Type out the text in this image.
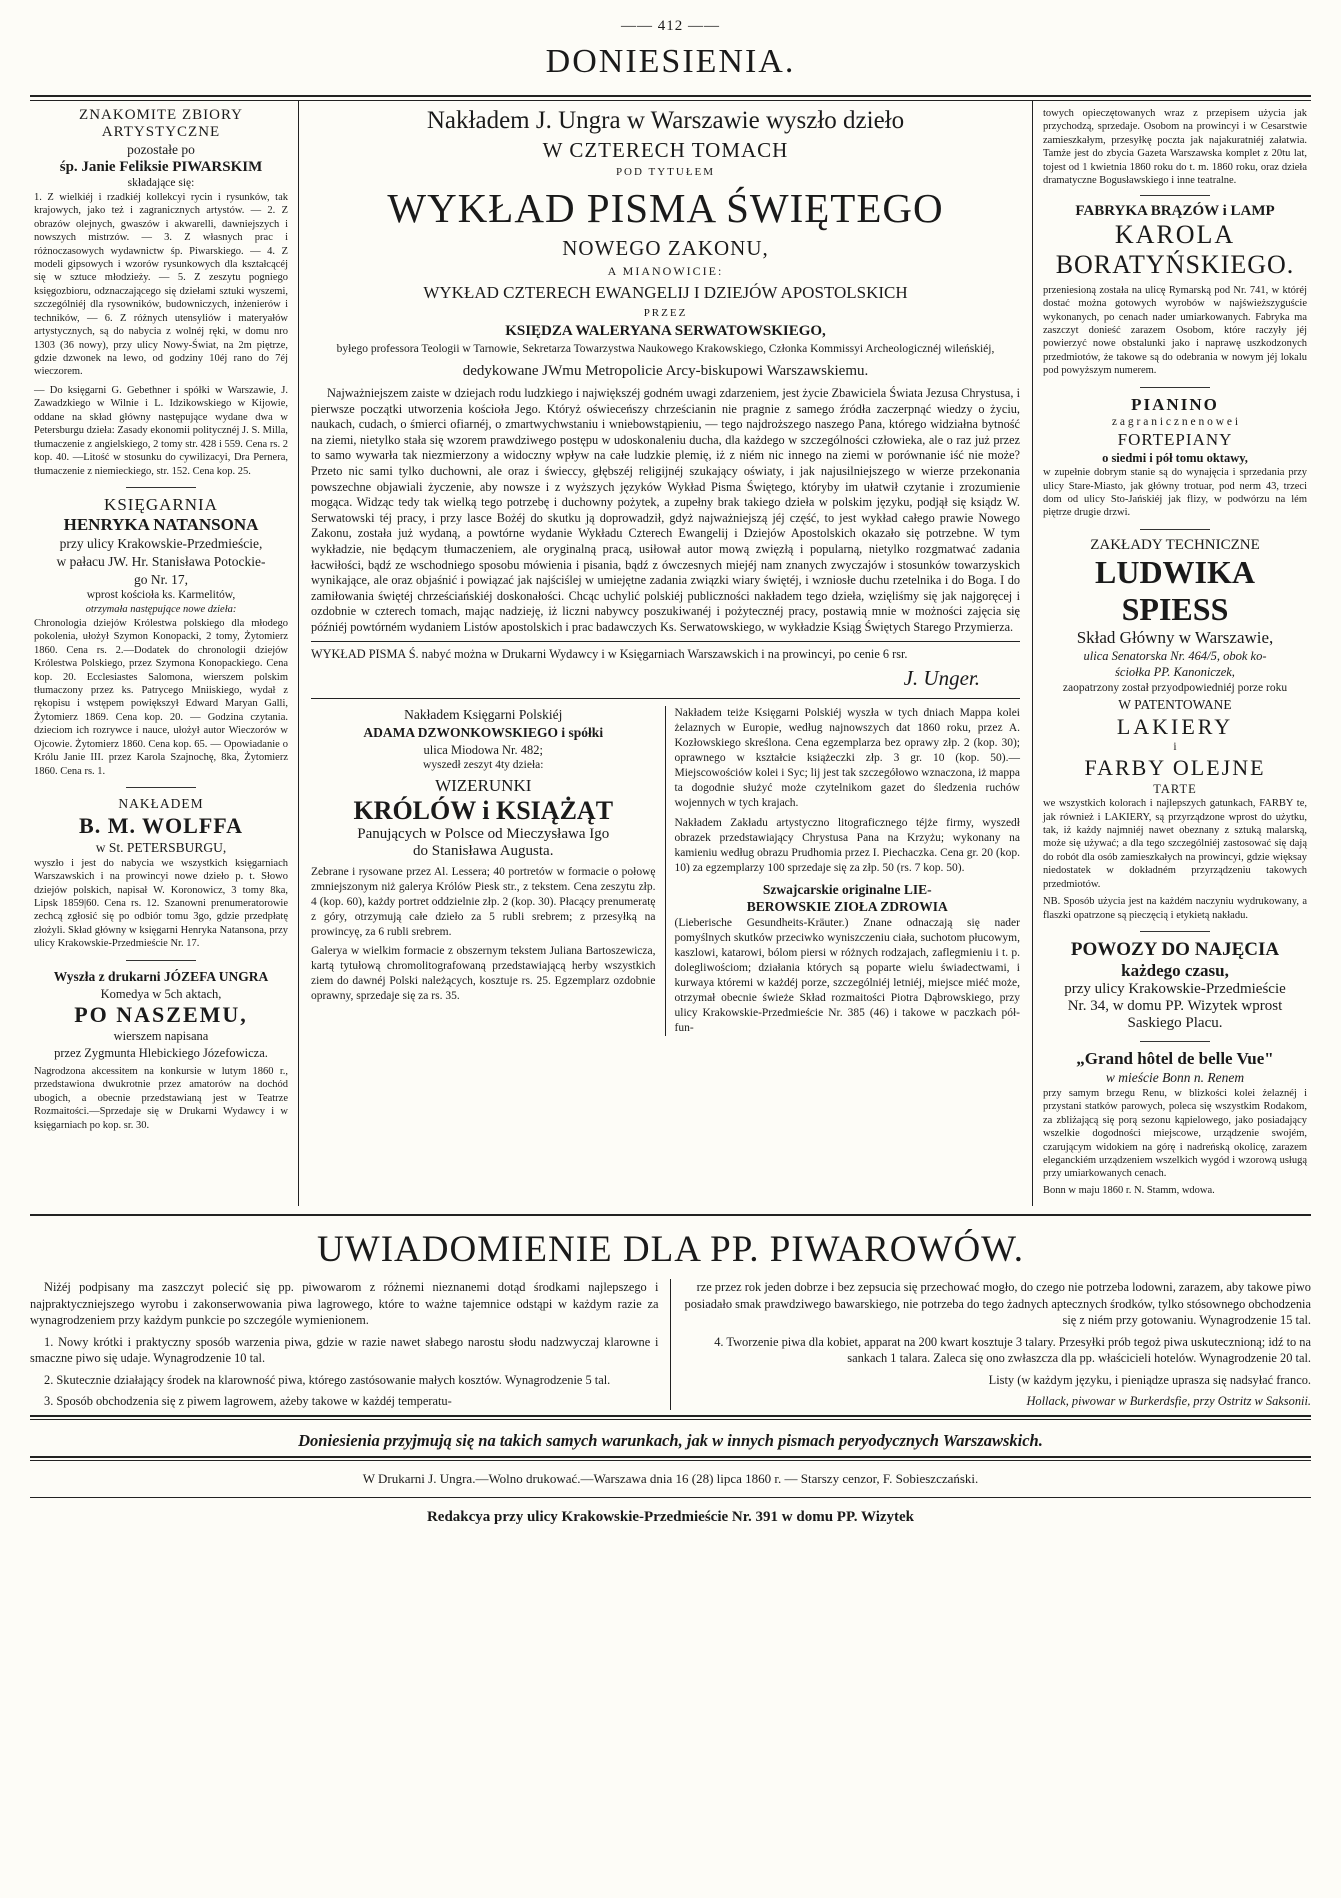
—— 412 ——
DONIESIENIA.
ZNAKOMITE ZBIORY ARTYSTYCZNE
pozostałe po
śp. Janie Feliksie PIWARSKIM
składające się:
1. Z wielkiéj i rzadkiéj kollekcyi rycin i rysunków, tak krajowych, jako też i zagranicznych artystów. — 2. Z obrazów olejnych, gwaszów i akwarelli, dawniejszych i nowszych mistrzów. — 3. Z własnych prac i różnoczasowych wydawnictw śp. Piwarskiego. — 4. Z modeli gipsowych i wzorów rysunkowych dla kształcącéj się w sztuce młodzieży. — 5. Z zeszytu pogniego księgozbioru, odznaczającego się dziełami sztuki wyszemi, szczególniéj dla rysowników, budowniczych, inżenierów i techników, — 6. Z różnych utensyliów i materyałów artystycznych, są do nabycia z wolnéj ręki, w domu nro 1303 (36 nowy), przy ulicy Nowy-Świat, na 2m piętrze, gdzie dzwonek na lewo, od godziny 10éj rano do 7éj wieczorem.
— Do księgarni G. Gebethner i spółki w Warszawie, J. Zawadzkiego w Wilnie i L. Idzikowskiego w Kijowie, oddane na skład główny następujące wydane dwa w Petersburgu dzieła: Zasady ekonomii politycznéj J. S. Milla, tłumaczenie z angielskiego, 2 tomy str. 428 i 559. Cena rs. 2 kop. 40. —Litość w stosunku do cywilizacyi, Dra Pernera, tłumaczenie z niemieckiego, str. 152. Cena kop. 25.
KSIĘGARNIA
HENRYKA NATANSONA
przy ulicy Krakowskie-Przedmieście,
w pałacu JW. Hr. Stanisława Potockie-
go Nr. 17,
wprost kościoła ks. Karmelitów,
otrzymała następujące nowe dzieła:
Chronologia dziejów Królestwa polskiego dla młodego pokolenia, ułożył Szymon Konopacki, 2 tomy, Żytomierz 1860. Cena rs. 2.—Dodatek do chronologii dziejów Królestwa Polskiego, przez Szymona Konopackiego. Cena kop. 20. Ecclesiastes Salomona, wierszem polskim tłumaczony przez ks. Patrycego Mniiskiego, wydał z rękopisu i wstępem powiększył Edward Maryan Galli, Żytomierz 1869. Cena kop. 20. — Godzina czytania. dzieciom ich rozrywce i nauce, ułożył autor Wieczorów w Ojcowie. Żytomierz 1860. Cena kop. 65. — Opowiadanie o Królu Janie III. przez Karola Szajnochę, 8ka, Żytomierz 1860. Cena rs. 1.
NAKŁADEM
B. M. WOLFFA
w St. PETERSBURGU,
wyszło i jest do nabycia we wszystkich księgarniach Warszawskich i na prowincyi nowe dzieło p. t. Słowo dziejów polskich, napisał W. Koronowicz, 3 tomy 8ka, Lipsk 1859|60. Cena rs. 12. Szanowni prenumeratorowie zechcą zgłosić się po odbiór tomu 3go, gdzie przedpłatę złożyli. Skład główny w księgarni Henryka Natansona, przy ulicy Krakowskie-Przedmieście Nr. 17.
Wyszła z drukarni JÓZEFA UNGRA
Komedya w 5ch aktach,
PO NASZEMU,
wierszem napisana
przez Zygmunta Hlebickiego Józefowicza.
Nagrodzona akcessitem na konkursie w lutym 1860 r., przedstawiona dwukrotnie przez amatorów na dochód ubogich, a obecnie przedstawianą jest w Teatrze Rozmaitości.—Sprzedaje się w Drukarni Wydawcy i w księgarniach po kop. sr. 30.
Nakładem J. Ungra w Warszawie wyszło dzieło
W CZTERECH TOMACH
POD TYTUŁEM
WYKŁAD PISMA ŚWIĘTEGO
NOWEGO ZAKONU,
A MIANOWICIE:
WYKŁAD CZTERECH EWANGELIJ I DZIEJÓW APOSTOLSKICH
PRZEZ
KSIĘDZA WALERYANA SERWATOWSKIEGO,
byłego professora Teologii w Tarnowie, Sekretarza Towarzystwa Naukowego Krakowskiego, Członka Kommissyi Archeologicznéj wileńskiéj,
dedykowane JWmu Metropolicie Arcy-biskupowi Warszawskiemu.
Najważniejszem zaiste w dziejach rodu ludzkiego i największéj godném uwagi zdarzeniem, jest życie Zbawiciela Świata Jezusa Chrystusa, i pierwsze początki utworzenia kościoła Jego. Któryż oświeceńszy chrześcianin nie pragnie z samego źródła zaczerpnąć wiedzy o życiu, naukach, cudach, o śmierci ofiarnéj, o zmartwychwstaniu i wniebowstąpieniu, — tego najdroższego naszego Pana, którego widziałna bytność na ziemi, nietylko stała się wzorem prawdziwego postępu w udoskonaleniu ducha, dla każdego w szczególności człowieka, ale o raz już przez to samo wywarła tak niezmierzony a widoczny wpływ na całe ludzkie plemię, iż z niém nic innego na ziemi w porównanie iść nie może? Przeto nic sami tylko duchowni, ale oraz i świeccy, głębszéj religijnéj szukający oświaty, i jak najusilniejszego w wierze przekonania powszechne objawiali życzenie, aby nowsze i z wyższych języków Wykład Pisma Świętego, któryby im ułatwił czytanie i zrozumienie mogąca. Widząc tedy tak wielką tego potrzebę i duchowny pożytek, a zupełny brak takiego dzieła w polskim języku, podjął się ksiądz W. Serwatowski téj pracy, i przy lasce Bożéj do skutku ją doprowadził, gdyż najważniejszą jéj część, to jest wykład całego prawie Nowego Zakonu, została już wydaną, a powtórne wydanie Wykładu Czterech Ewangelij i Dziejów Apostolskich okazało się potrzebne. W tym wykładzie, nie będącym tłumaczeniem, ale oryginalną pracą, usiłował autor mową zwięzłą i popularną, nietylko rozgmatwać zadania łacwiłości, bądź ze wschodniego sposobu mówienia i pisania, bądź z ówczesnych miejéj nam znanych zwyczajów i stosunków towarzyskich wynikające, ale oraz objaśnić i powiązać jak najściślej w umiejętne zadania związki wiary świętéj, i wzniosłe duchu rzetelnika i do Boga. I do zamiłowania świętéj chrześciańskiéj doskonałości. Chcąc uchylić polskiéj publiczności nakładem tego dzieła, wzięliśmy się jak najgoręcej i ozdobnie w czterech tomach, mając nadzieję, iż liczni nabywcy poszukiwanéj i pożytecznéj pracy, postawią mnie w możności zajęcia się późniéj powtórném wydaniem Listów apostolskich i prac badawczych Ks. Serwatowskiego, w wykładzie Ksiąg Świętych Starego Przymierza.
WYKŁAD PISMA Ś. nabyć można w Drukarni Wydawcy i w Księgarniach Warszawskich i na prowincyi, po cenie 6 rsr.
J. Unger.
Nakładem Księgarni Polskiéj
ADAMA DZWONKOWSKIEGO i spółki
ulica Miodowa Nr. 482;
wyszedł zeszyt 4ty dzieła:
WIZERUNKI
KRÓLÓW i KSIĄŻĄT
Panujących w Polsce od Mieczysława Igo
do Stanisława Augusta.
Zebrane i rysowane przez Al. Lessera; 40 portretów w formacie o połowę zmniejszonym niż galerya Królów Piesk str., z tekstem. Cena zeszytu złp. 4 (kop. 60), każdy portret oddzielnie złp. 2 (kop. 30). Płacący prenumeratę z góry, otrzymują całe dzieło za 5 rubli srebrem; z przesyłką na prowincyę, za 6 rubli srebrem.
Galerya w wielkim formacie z obszernym tekstem Juliana Bartoszewicza, kartą tytułową chromolitografowaną przedstawiającą herby wszystkich ziem do dawnéj Polski należących, kosztuje rs. 25. Egzemplarz ozdobnie oprawny, sprzedaje się za rs. 35.
Nakładem teiże Księgarni Polskiéj wyszła w tych dniach Mappa kolei żelaznych w Europie, według najnowszych dat 1860 roku, przez A. Kozłowskiego skreślona. Cena egzemplarza bez oprawy złp. 2 (kop. 30); oprawnego w kształcie książeczki złp. 3 gr. 10 (kop. 50).—Miejscowościów kolei i Syc; lij jest tak szczegółowo wznaczona, iż mappa ta dogodnie służyć może czytelnikom gazet do śledzenia ruchów wojennych w tych krajach.
Nakładem Zakładu artystyczno litograficznego téjże firmy, wyszedł obrazek przedstawiający Chrystusa Pana na Krzyżu; wykonany na kamieniu według obrazu Prudhomia przez I. Piechaczka. Cena gr. 20 (kop. 10) za egzemplarzy 100 sprzedaje się za złp. 50 (rs. 7 kop. 50).
Szwajcarskie originalne LIE-
BEROWSKIE ZIOŁA ZDROWIA
(Lieberische Gesundheits-Kräuter.) Znane odnaczają się nader pomyślnych skutków przeciwko wyniszczeniu ciała, suchotom płucowym, kaszlowi, katarowi, bólom piersi w różnych rodzajach, zaflegmieniu i t. p. dolegliwościom; działania których są poparte wielu świadectwami, i kurwaya któremi w każdéj porze, szczególniéj letniéj, miejsce miéć może, otrzymał obecnie świeże Skład rozmaitości Piotra Dąbrowskiego, przy ulicy Krakowskie-Przedmieście Nr. 385 (46) i takowe w paczkach pół-fun-
towych opieczętowanych wraz z przepisem użycia jak przychodzą, sprzedaje. Osobom na prowincyi i w Cesarstwie zamieszkałym, przesyłkę poczta jak najakuratniéj załatwia. Tamże jest do zbycia Gazeta Warszawska komplet z 20tu lat, tojest od 1 kwietnia 1860 roku do t. m. 1860 roku, oraz dzieła dramatyczne Bogusławskiego i inne teatralne.
FABRYKA BRĄZÓW i LAMP
KAROLA
BORATYŃSKIEGO.
przeniesioną została na ulicę Rymarską pod Nr. 741, w któréj dostać można gotowych wyrobów w najświeższyguście wykonanych, po cenach nader umiarkowanych. Fabryka ma zaszczyt donieść zarazem Osobom, które raczyły jéj powierzyć nowe obstalunki jako i naprawę uszkodzonych przedmiotów, że takowe są do odebrania w nowym jéj lokalu pod powyższym numerem.
PIANINO
z a g r a n i c z n e n o w e i
FORTEPIANY
o siedmi i pół tomu oktawy,
w zupełnie dobrym stanie są do wynajęcia i sprzedania przy ulicy Stare-Miasto, jak główny trotuar, pod nerm 43, trzeci dom od ulicy Sto-Jańskiéj jak flizy, w podwórzu na lém piętrze drugie drzwi.
ZAKŁADY TECHNICZNE
LUDWIKA SPIESS
Skład Główny w Warszawie,
ulica Senatorska Nr. 464/5, obok ko-
ściołka PP. Kanoniczek,
zaopatrzony został przyodpowiedniéj porze roku
W PATENTOWANE
LAKIERY
i
FARBY OLEJNE
TARTE
we wszystkich kolorach i najlepszych gatunkach, FARBY te, jak również i LAKIERY, są przyrządzone wprost do użytku, tak, iż każdy najmniéj nawet obeznany z sztuką malarską, może się używać; a dla tego szczególniéj zastosować się dają do robót dla osób zamieszkałych na prowincyi, gdzie więksay niedostatek w dokładném przyrządzeniu takowych przedmiotów.
NB. Sposób użycia jest na każdém naczyniu wydrukowany, a flaszki opatrzone są pieczęcią i etykietą nakładu.
POWOZY DO NAJĘCIA
każdego czasu,
przy ulicy Krakowskie-Przedmieście
Nr. 34, w domu PP. Wizytek wprost
Saskiego Placu.
„Grand hôtel de belle Vue"
w mieście Bonn n. Renem
przy samym brzegu Renu, w blizkości kolei żelaznéj i przystani statków parowych, poleca się wszystkim Rodakom, za zbliżającą się porą sezonu kąpielowego, jako posiadający wszelkie dogodności miejscowe, urządzenie swojém, czarującym widokiem na górę i nadreńską okolicę, zarazem eleganckiém urządzeniem wszelkich wygód i wzorową usługą przy umiarkowanych cenach.
Bonn w maju 1860 r. N. Stamm, wdowa.
UWIADOMIENIE DLA PP. PIWAROWÓW.

Niżéj podpisany ma zaszczyt polecić się pp. piwowarom z różnemi nieznanemi dotąd środkami najlepszego i najpraktyczniejszego wyrobu i zakonserwowania piwa lagrowego, które to ważne tajemnice odstąpi w każdym razie za wynagrodzeniem przy każdym punkcie po szczególe wymienionem.

1. Nowy krótki i praktyczny sposób warzenia piwa, gdzie w razie nawet słabego narostu słodu nadzwyczaj klarowne i smaczne piwo się udaje. Wynagrodzenie 10 tal.

2. Skutecznie działający środek na klarowność piwa, którego zastósowanie małych kosztów. Wynagrodzenie 5 tal.

3. Sposób obchodzenia się z piwem lagrowem, ażeby takowe w każdéj temperatu-

rze przez rok jeden dobrze i bez zepsucia się przechować mogło, do czego nie potrzeba lodowni, zarazem, aby takowe piwo posiadało smak prawdziwego bawarskiego, nie potrzeba do tego żadnych aptecznych środków, tylko stósownego obchodzenia się z niém przy gotowaniu. Wynagrodzenie 15 tal.

4. Tworzenie piwa dla kobiet, apparat na 200 kwart kosztuje 3 talary. Przesyłki prób tegoż piwa uskutecznioną; idź to na sankach 1 talara. Zaleca się ono zwłaszcza dla pp. właścicieli hotelów. Wynagrodzenie 20 tal.

Listy (w każdym języku, i pieniądze uprasza się nadsyłać franco.

Hollack, piwowar w Burkerdsfie, przy Ostritz w Saksonii.

Doniesienia przyjmują się na takich samych warunkach, jak w innych pismach peryodycznych Warszawskich.
W Drukarni J. Ungra.—Wolno drukować.—Warszawa dnia 16 (28) lipca 1860 r. — Starszy cenzor, F. Sobieszczański.
Redakcya przy ulicy Krakowskie-Przedmieście Nr. 391 w domu PP. Wizytek
